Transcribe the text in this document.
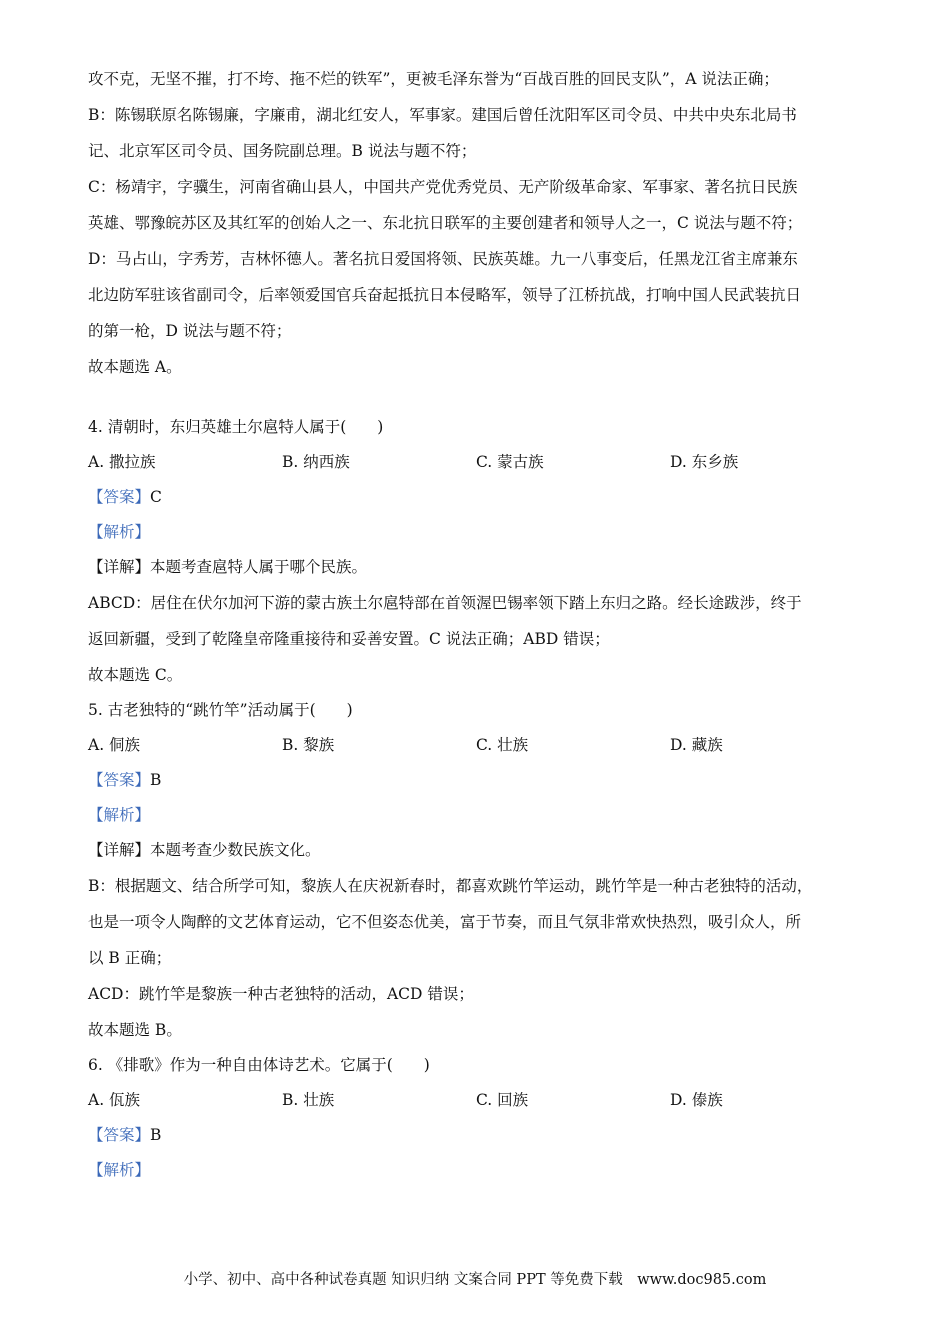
攻不克，无坚不摧，打不垮、拖不烂的铁军”，更被毛泽东誉为“百战百胜的回民支队”，A 说法正确；
B：陈锡联原名陈锡廉，字廉甫，湖北红安人，军事家。建国后曾任沈阳军区司令员、中共中央东北局书
记、北京军区司令员、国务院副总理。B 说法与题不符；
C：杨靖宇，字骥生，河南省确山县人，中国共产党优秀党员、无产阶级革命家、军事家、著名抗日民族
英雄、鄂豫皖苏区及其红军的创始人之一、东北抗日联军的主要创建者和领导人之一，C 说法与题不符；
D：马占山，字秀芳，吉林怀德人。著名抗日爱国将领、民族英雄。九一八事变后，任黑龙江省主席兼东
北边防军驻该省副司令，后率领爱国官兵奋起抵抗日本侵略军，领导了江桥抗战，打响中国人民武装抗日
的第一枪，D 说法与题不符；
故本题选 A。
4. 清朝时，东归英雄土尔扈特人属于(　　)
A. 撒拉族	B. 纳西族	C. 蒙古族	D. 东乡族
【答案】C
【解析】
【详解】本题考查扈特人属于哪个民族。
ABCD：居住在伏尔加河下游的蒙古族土尔扈特部在首领渥巴锡率领下踏上东归之路。经长途跋涉，终于
返回新疆，受到了乾隆皇帝隆重接待和妥善安置。C 说法正确；ABD 错误；
故本题选 C。
5. 古老独特的“跳竹竿”活动属于(　　)
A. 侗族	B. 黎族	C. 壮族	D. 藏族
【答案】B
【解析】
【详解】本题考查少数民族文化。
B：根据题文、结合所学可知，黎族人在庆祝新春时，都喜欢跳竹竿运动，跳竹竿是一种古老独特的活动，
也是一项令人陶醉的文艺体育运动，它不但姿态优美，富于节奏，而且气氛非常欢快热烈，吸引众人，所
以 B 正确；
ACD：跳竹竿是黎族一种古老独特的活动，ACD 错误；
故本题选 B。
6. 《排歌》作为一种自由体诗艺术。它属于(　　)
A. 佤族	B. 壮族	C. 回族	D. 傣族
【答案】B
【解析】
小学、初中、高中各种试卷真题 知识归纳 文案合同 PPT 等免费下载　www.doc985.com
